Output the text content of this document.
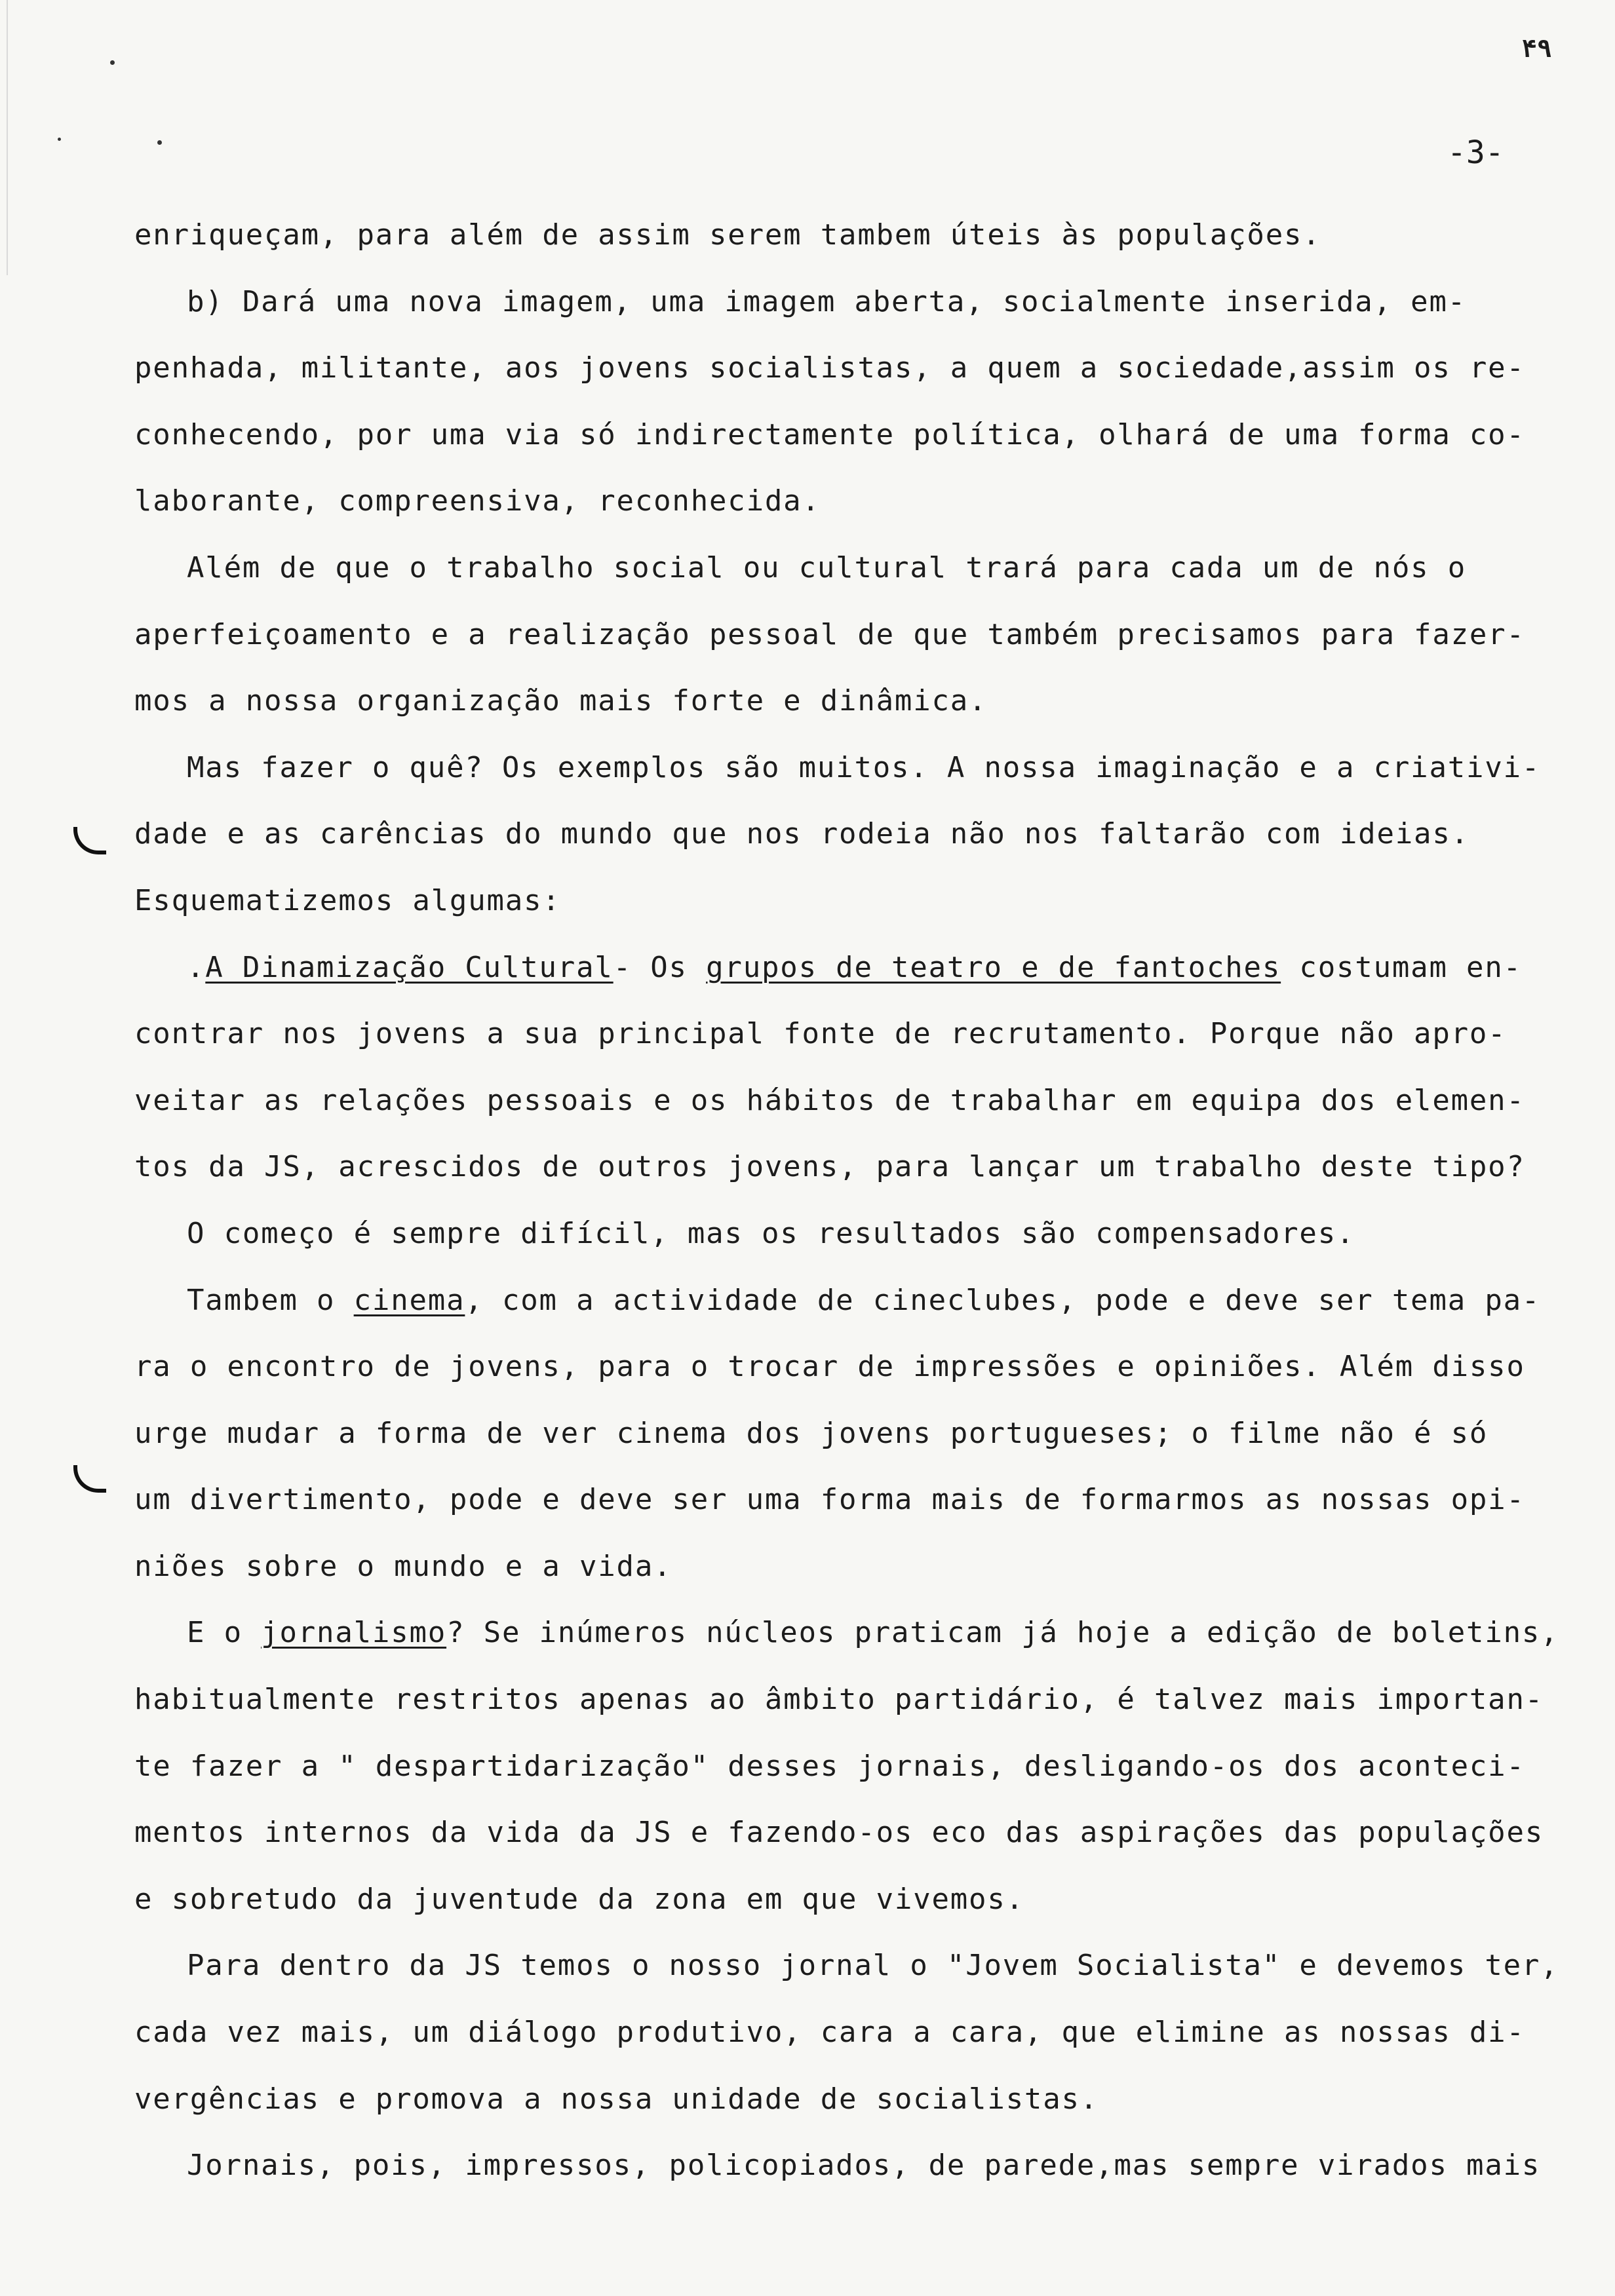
۴۹
-3-
enriqueçam, para além de assim serem tambem úteis às populações.
b) Dará uma nova imagem, uma imagem aberta, socialmente inserida, em-
penhada, militante, aos jovens socialistas, a quem a sociedade,assim os re-
conhecendo, por uma via só indirectamente política, olhará de uma forma co-
laborante, compreensiva, reconhecida.
Além de que o trabalho social ou cultural trará para cada um de nós o
aperfeiçoamento e a realização pessoal de que também precisamos para fazer-
mos a nossa organização mais forte e dinâmica.
Mas fazer o quê? Os exemplos são muitos. A nossa imaginação e a criativi-
dade e as carências do mundo que nos rodeia não nos faltarão com ideias.
Esquematizemos algumas:
.A Dinamização Cultural- Os grupos de teatro e de fantoches costumam en-
contrar nos jovens a sua principal fonte de recrutamento. Porque não apro-
veitar as relações pessoais e os hábitos de trabalhar em equipa dos elemen-
tos da JS, acrescidos de outros jovens, para lançar um trabalho deste tipo?
O começo é sempre difícil, mas os resultados são compensadores.
Tambem o cinema, com a actividade de cineclubes, pode e deve ser tema pa-
ra o encontro de jovens, para o trocar de impressões e opiniões. Além disso
urge mudar a forma de ver cinema dos jovens portugueses; o filme não é só
um divertimento, pode e deve ser uma forma mais de formarmos as nossas opi-
niões sobre o mundo e a vida.
E o jornalismo? Se inúmeros núcleos praticam já hoje a edição de boletins,
habitualmente restritos apenas ao âmbito partidário, é talvez mais importan-
te fazer a " despartidarização" desses jornais, desligando-os dos aconteci-
mentos internos da vida da JS e fazendo-os eco das aspirações das populações
e sobretudo da juventude da zona em que vivemos.
Para dentro da JS temos o nosso jornal o "Jovem Socialista" e devemos ter,
cada vez mais, um diálogo produtivo, cara a cara, que elimine as nossas di-
vergências e promova a nossa unidade de socialistas.
Jornais, pois, impressos, policopiados, de parede,mas sempre virados mais
